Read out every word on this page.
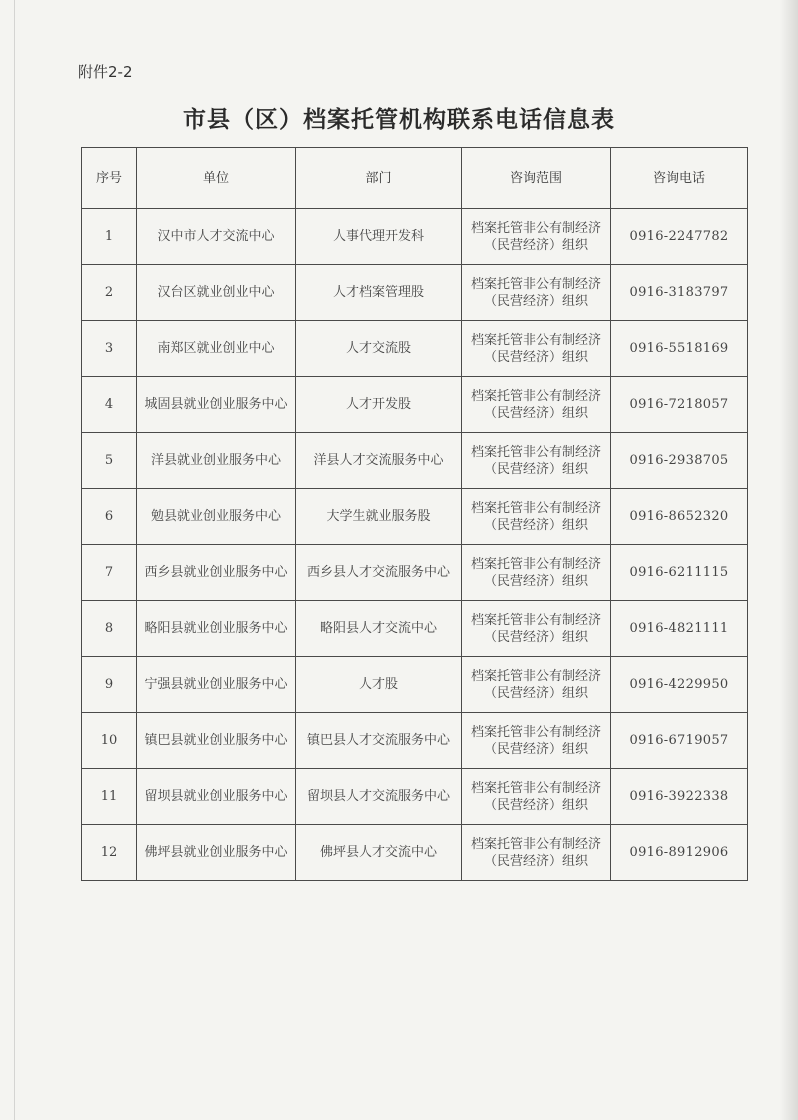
附件2-2
市县（区）档案托管机构联系电话信息表
序号	单位	部门	咨询范围	咨询电话
1	汉中市人才交流中心	人事代理开发科	档案托管非公有制经济
（民营经济）组织	0916-2247782
2	汉台区就业创业中心	人才档案管理股	档案托管非公有制经济
（民营经济）组织	0916-3183797
3	南郑区就业创业中心	人才交流股	档案托管非公有制经济
（民营经济）组织	0916-5518169
4	城固县就业创业服务中心	人才开发股	档案托管非公有制经济
（民营经济）组织	0916-7218057
5	洋县就业创业服务中心	洋县人才交流服务中心	档案托管非公有制经济
（民营经济）组织	0916-2938705
6	勉县就业创业服务中心	大学生就业服务股	档案托管非公有制经济
（民营经济）组织	0916-8652320
7	西乡县就业创业服务中心	西乡县人才交流服务中心	档案托管非公有制经济
（民营经济）组织	0916-6211115
8	略阳县就业创业服务中心	略阳县人才交流中心	档案托管非公有制经济
（民营经济）组织	0916-4821111
9	宁强县就业创业服务中心	人才股	档案托管非公有制经济
（民营经济）组织	0916-4229950
10	镇巴县就业创业服务中心	镇巴县人才交流服务中心	档案托管非公有制经济
（民营经济）组织	0916-6719057
11	留坝县就业创业服务中心	留坝县人才交流服务中心	档案托管非公有制经济
（民营经济）组织	0916-3922338
12	佛坪县就业创业服务中心	佛坪县人才交流中心	档案托管非公有制经济
（民营经济）组织	0916-8912906
